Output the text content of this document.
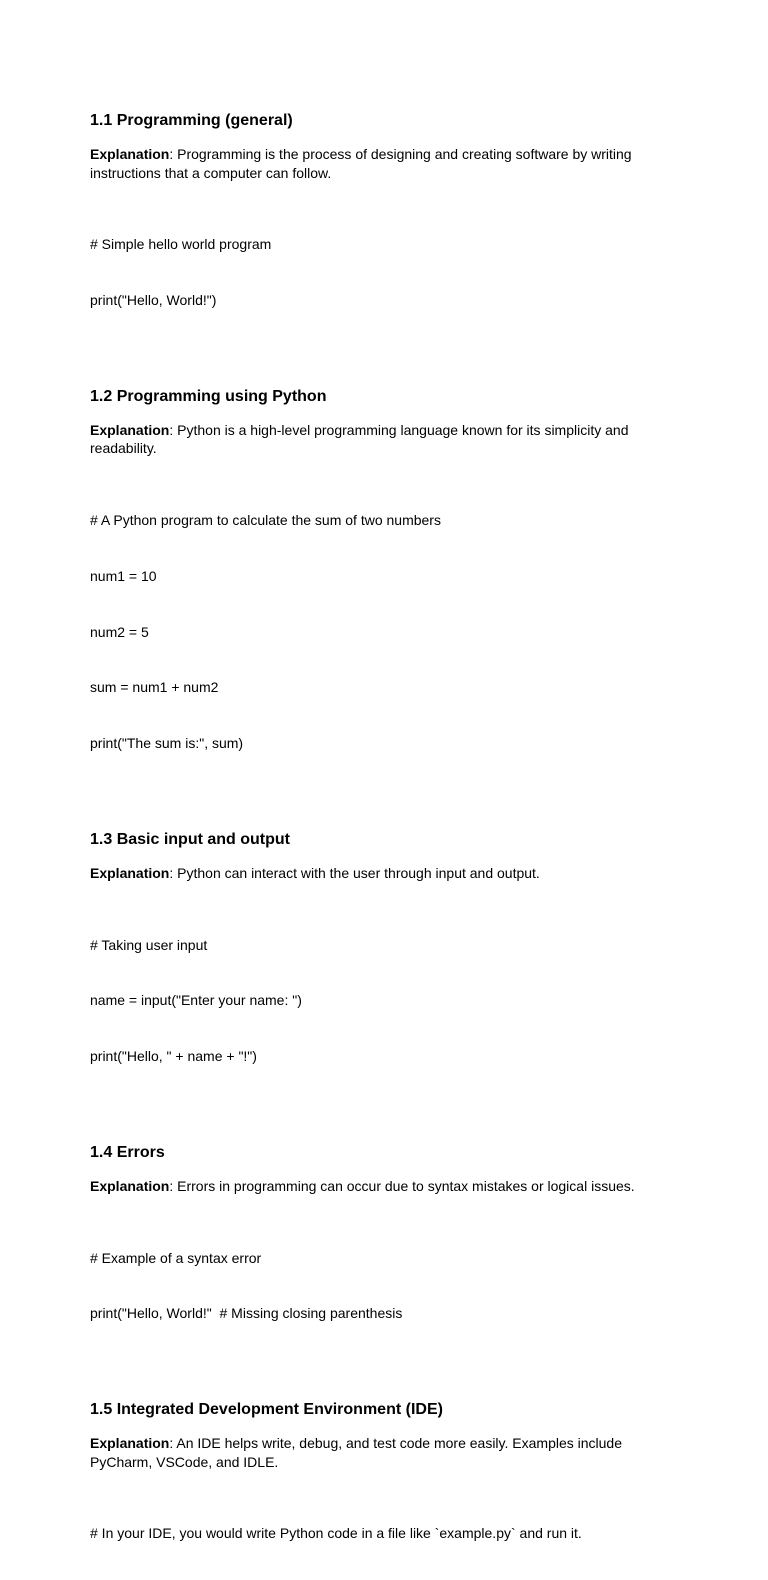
1.1 Programming (general)
Explanation: Programming is the process of designing and creating software by writing instructions that a computer can follow.

# Simple hello world program

print("Hello, World!")

1.2 Programming using Python
Explanation: Python is a high-level programming language known for its simplicity and readability.

# A Python program to calculate the sum of two numbers

num1 = 10

num2 = 5

sum = num1 + num2

print("The sum is:", sum)

1.3 Basic input and output
Explanation: Python can interact with the user through input and output.

# Taking user input

name = input("Enter your name: ")

print("Hello, " + name + "!")

1.4 Errors
Explanation: Errors in programming can occur due to syntax mistakes or logical issues.

# Example of a syntax error

print("Hello, World!"  # Missing closing parenthesis

1.5 Integrated Development Environment (IDE)
Explanation: An IDE helps write, debug, and test code more easily. Examples include PyCharm, VSCode, and IDLE.

# In your IDE, you would write Python code in a file like `example.py` and run it.
